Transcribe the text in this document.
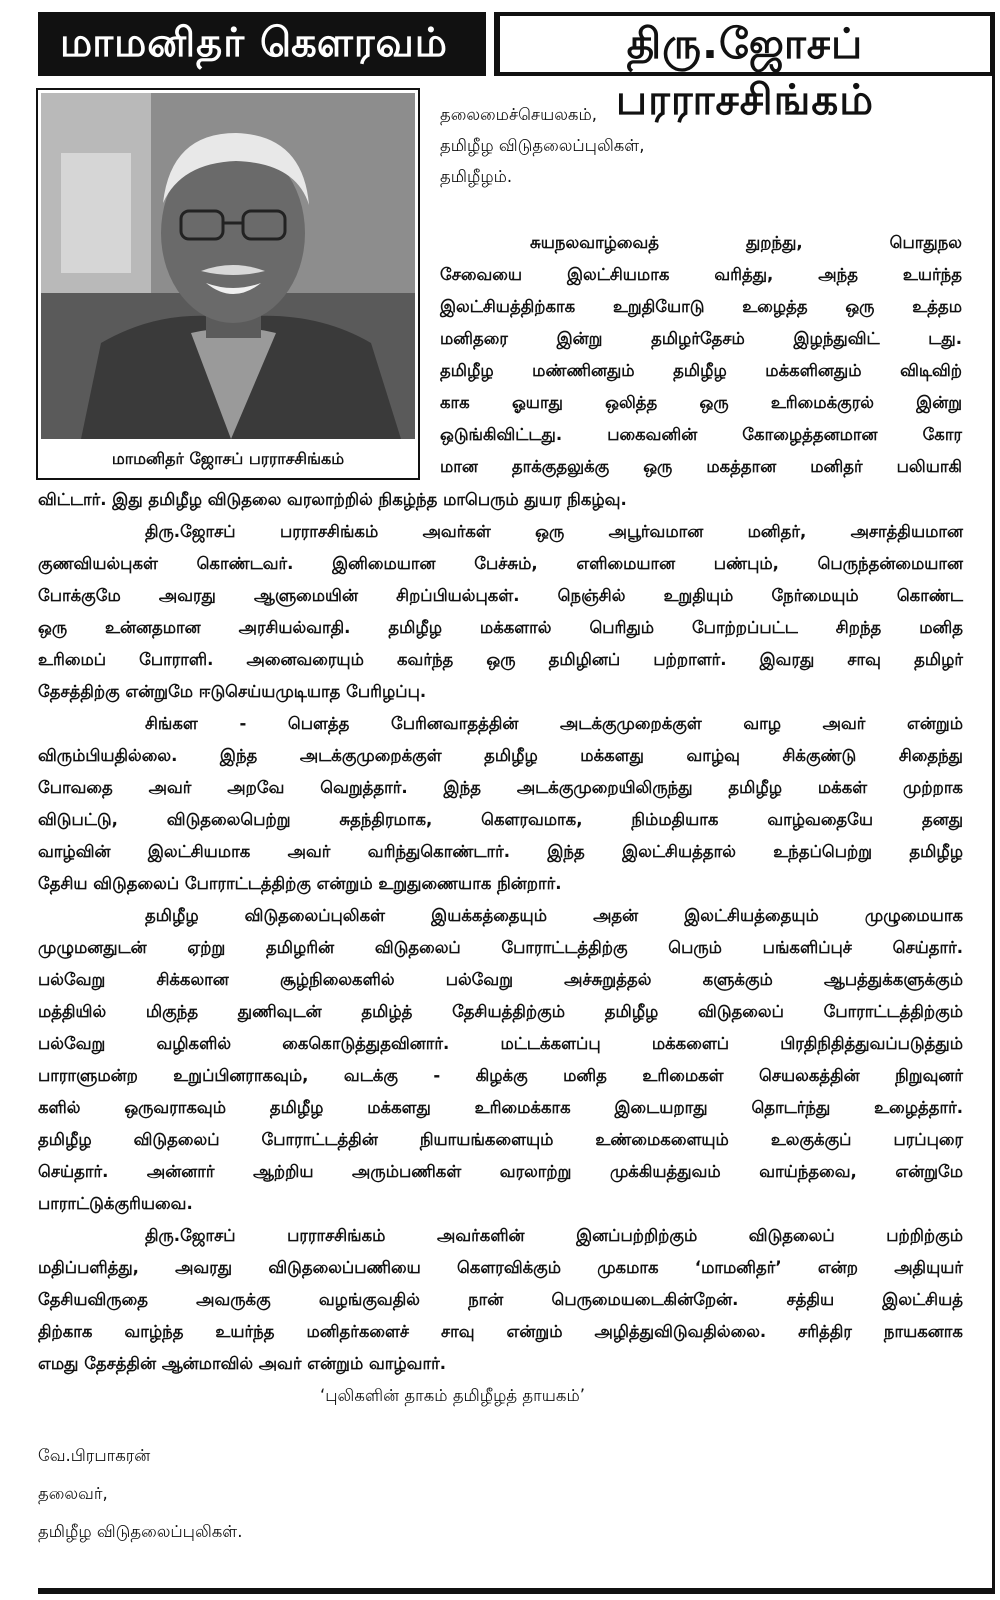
மாமனிதர் கௌரவம்	திரு.ஜோசப் பரராசசிங்கம்
மாமனிதர் ஜோசப் பரராசசிங்கம்
தலைமைச்செயலகம்,
தமிழீழ விடுதலைப்புலிகள்,
தமிழீழம்.
சுயநலவாழ்வைத் துறந்து, பொதுநல
சேவையை இலட்சியமாக வரித்து, அந்த உயர்ந்த
இலட்சியத்திற்காக உறுதியோடு உழைத்த ஒரு உத்தம
மனிதரை இன்று தமிழர்தேசம் இழந்துவிட் டது.
தமிழீழ மண்ணினதும் தமிழீழ மக்களினதும் விடிவிற்
காக ஓயாது ஒலித்த ஒரு உரிமைக்குரல் இன்று
ஒடுங்கிவிட்டது. பகைவனின் கோழைத்தனமான கோர
மான தாக்குதலுக்கு ஒரு மகத்தான மனிதர் பலியாகி
விட்டார். இது தமிழீழ விடுதலை வரலாற்றில் நிகழ்ந்த மாபெரும் துயர நிகழ்வு.
திரு.ஜோசப் பரராசசிங்கம் அவர்கள் ஒரு அபூர்வமான மனிதர், அசாத்தியமான
குணவியல்புகள் கொண்டவர். இனிமையான பேச்சும், எளிமையான பண்பும், பெருந்தன்மையான
போக்குமே அவரது ஆளுமையின் சிறப்பியல்புகள். நெஞ்சில் உறுதியும் நேர்மையும் கொண்ட
ஒரு உன்னதமான அரசியல்வாதி. தமிழீழ மக்களால் பெரிதும் போற்றப்பட்ட சிறந்த மனித
உரிமைப் போராளி. அனைவரையும் கவர்ந்த ஒரு தமிழினப் பற்றாளர். இவரது சாவு தமிழர்
தேசத்திற்கு என்றுமே ஈடுசெய்யமுடியாத பேரிழப்பு.
சிங்கள - பௌத்த பேரினவாதத்தின் அடக்குமுறைக்குள் வாழ அவர் என்றும்
விரும்பியதில்லை. இந்த அடக்குமுறைக்குள் தமிழீழ மக்களது வாழ்வு சிக்குண்டு சிதைந்து
போவதை அவர் அறவே வெறுத்தார். இந்த அடக்குமுறையிலிருந்து தமிழீழ மக்கள் முற்றாக
விடுபட்டு, விடுதலைபெற்று சுதந்திரமாக, கௌரவமாக, நிம்மதியாக வாழ்வதையே தனது
வாழ்வின் இலட்சியமாக அவர் வரிந்துகொண்டார். இந்த இலட்சியத்தால் உந்தப்பெற்று தமிழீழ
தேசிய விடுதலைப் போராட்டத்திற்கு என்றும் உறுதுணையாக நின்றார்.
தமிழீழ விடுதலைப்புலிகள் இயக்கத்தையும் அதன் இலட்சியத்தையும் முழுமையாக
முழுமனதுடன் ஏற்று தமிழரின் விடுதலைப் போராட்டத்திற்கு பெரும் பங்களிப்புச் செய்தார்.
பல்வேறு சிக்கலான சூழ்நிலைகளில் பல்வேறு அச்சுறுத்தல் களுக்கும் ஆபத்துக்களுக்கும்
மத்தியில் மிகுந்த துணிவுடன் தமிழ்த் தேசியத்திற்கும் தமிழீழ விடுதலைப் போராட்டத்திற்கும்
பல்வேறு வழிகளில் கைகொடுத்துதவினார். மட்டக்களப்பு மக்களைப் பிரதிநிதித்துவப்படுத்தும்
பாராளுமன்ற உறுப்பினராகவும், வடக்கு - கிழக்கு மனித உரிமைகள் செயலகத்தின் நிறுவுனர்
களில் ஒருவராகவும் தமிழீழ மக்களது உரிமைக்காக இடையறாது தொடர்ந்து உழைத்தார்.
தமிழீழ விடுதலைப் போராட்டத்தின் நியாயங்களையும் உண்மைகளையும் உலகுக்குப் பரப்புரை
செய்தார். அன்னார் ஆற்றிய அரும்பணிகள் வரலாற்று முக்கியத்துவம் வாய்ந்தவை, என்றுமே
பாராட்டுக்குரியவை.
திரு.ஜோசப் பரராசசிங்கம் அவர்களின் இனப்பற்றிற்கும் விடுதலைப் பற்றிற்கும்
மதிப்பளித்து, அவரது விடுதலைப்பணியை கௌரவிக்கும் முகமாக ‘மாமனிதர்’ என்ற அதியுயர்
தேசியவிருதை அவருக்கு வழங்குவதில் நான் பெருமையடைகின்றேன். சத்திய இலட்சியத்
திற்காக வாழ்ந்த உயர்ந்த மனிதர்களைச் சாவு என்றும் அழித்துவிடுவதில்லை. சரித்திர நாயகனாக
எமது தேசத்தின் ஆன்மாவில் அவர் என்றும் வாழ்வார்.
‘புலிகளின் தாகம் தமிழீழத் தாயகம்’
வே.பிரபாகரன்
தலைவர்,
தமிழீழ விடுதலைப்புலிகள்.
